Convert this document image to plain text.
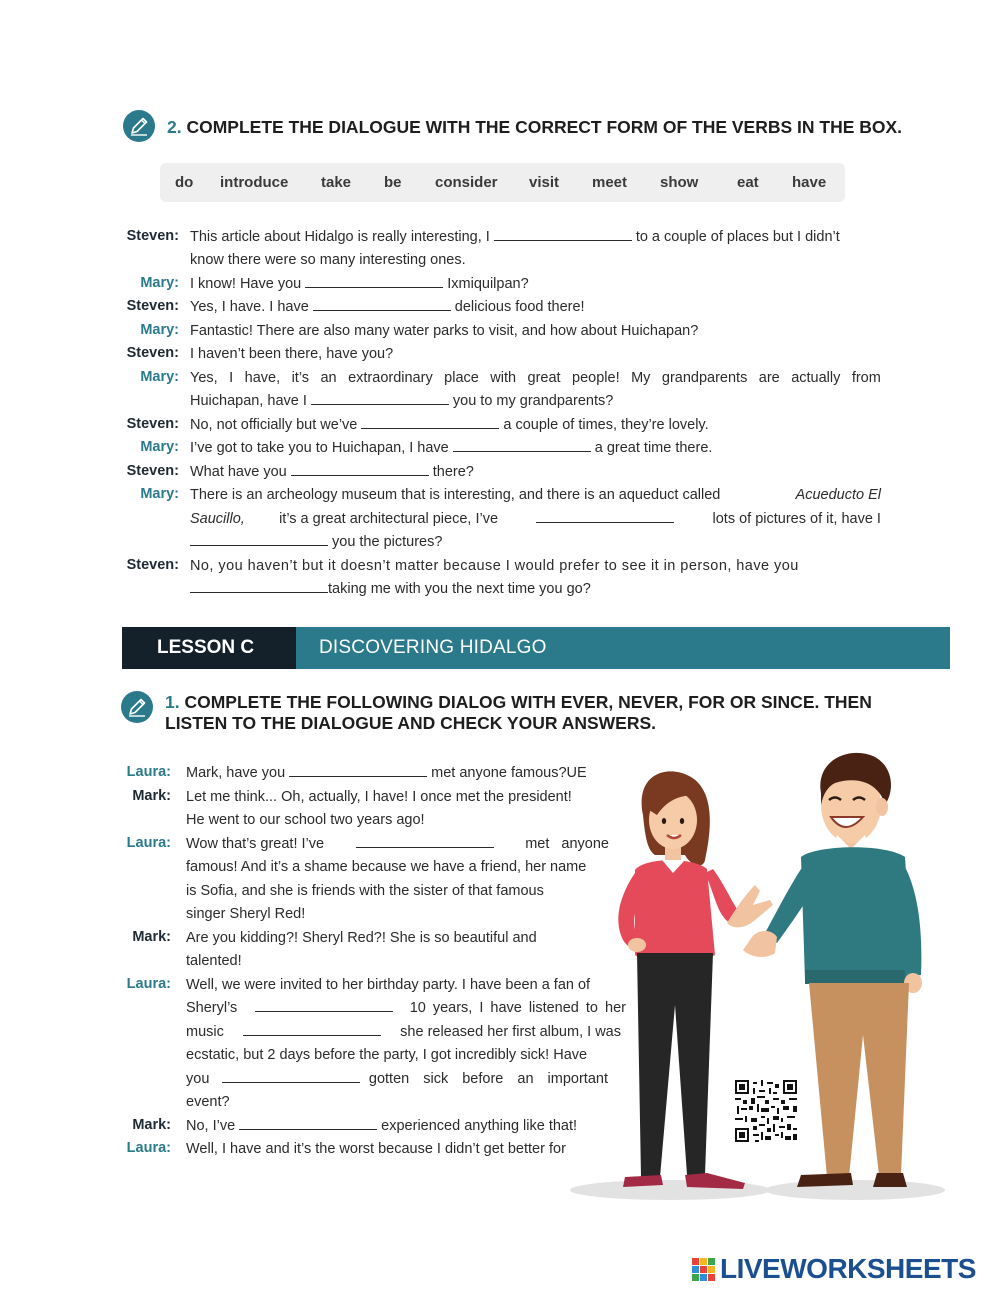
2. COMPLETE THE DIALOGUE WITH THE CORRECT FORM OF THE VERBS IN THE BOX.
do introduce take be consider visit meet show	eat have
Steven: This article about Hidalgo is really interesting, I	to a couple of places but I didn’t
know there were so many interesting ones.
Mary: I know! Have you	Ixmiquilpan?
Steven: Yes, I have. I have	delicious food there!
Mary: Fantastic! There are also many water parks to visit, and how about Huichapan?
Steven: I haven’t been there, have you?
Mary: Yes, I have, it’s an extraordinary place with great people! My grandparents are actually from
Huichapan, have I	you to my grandparents?
Steven: No, not officially but we’ve	a couple of times, they’re lovely.
Mary: I’ve got to take you to Huichapan, I have	a great time there.
Steven: What have you	there?
Mary: There is an archeology museum that is interesting, and there is an aqueduct called	Acueducto El
Saucillo, it’s a great architectural piece, I’ve	lots of pictures of it, have I
you the pictures?
Steven: No, you haven’t but it doesn’t matter because I would prefer to see it in person, have you
taking me with you the next time you go?
LESSON C	DISCOVERING HIDALGO
1. COMPLETE THE FOLLOWING DIALOG WITH EVER, NEVER, FOR OR SINCE. THEN
LISTEN TO THE DIALOGUE AND CHECK YOUR ANSWERS.
Laura: Mark, have you	met anyone famous?UE
Mark: Let me think... Oh, actually, I have! I once met the president!
He went to our school two years ago!
Laura: Wow that’s great! I’ve	met anyone
famous! And it’s a shame because we have a friend, her name
is Sofia, and she is friends with the sister of that famous
singer Sheryl Red!
Mark: Are you kidding?! Sheryl Red?! She is so beautiful and
talented!
Laura: Well, we were invited to her birthday party. I have been a fan of
Sheryl’s	10 years, I have listened to her
music	she released her first album, I was
ecstatic, but 2 days before the party, I got incredibly sick! Have
you	gotten sick before an important
event?
Mark: No, I’ve	experienced anything like that!
Laura: Well, I have and it’s the worst because I didn’t get better for
LIVEWORKSHEETS
